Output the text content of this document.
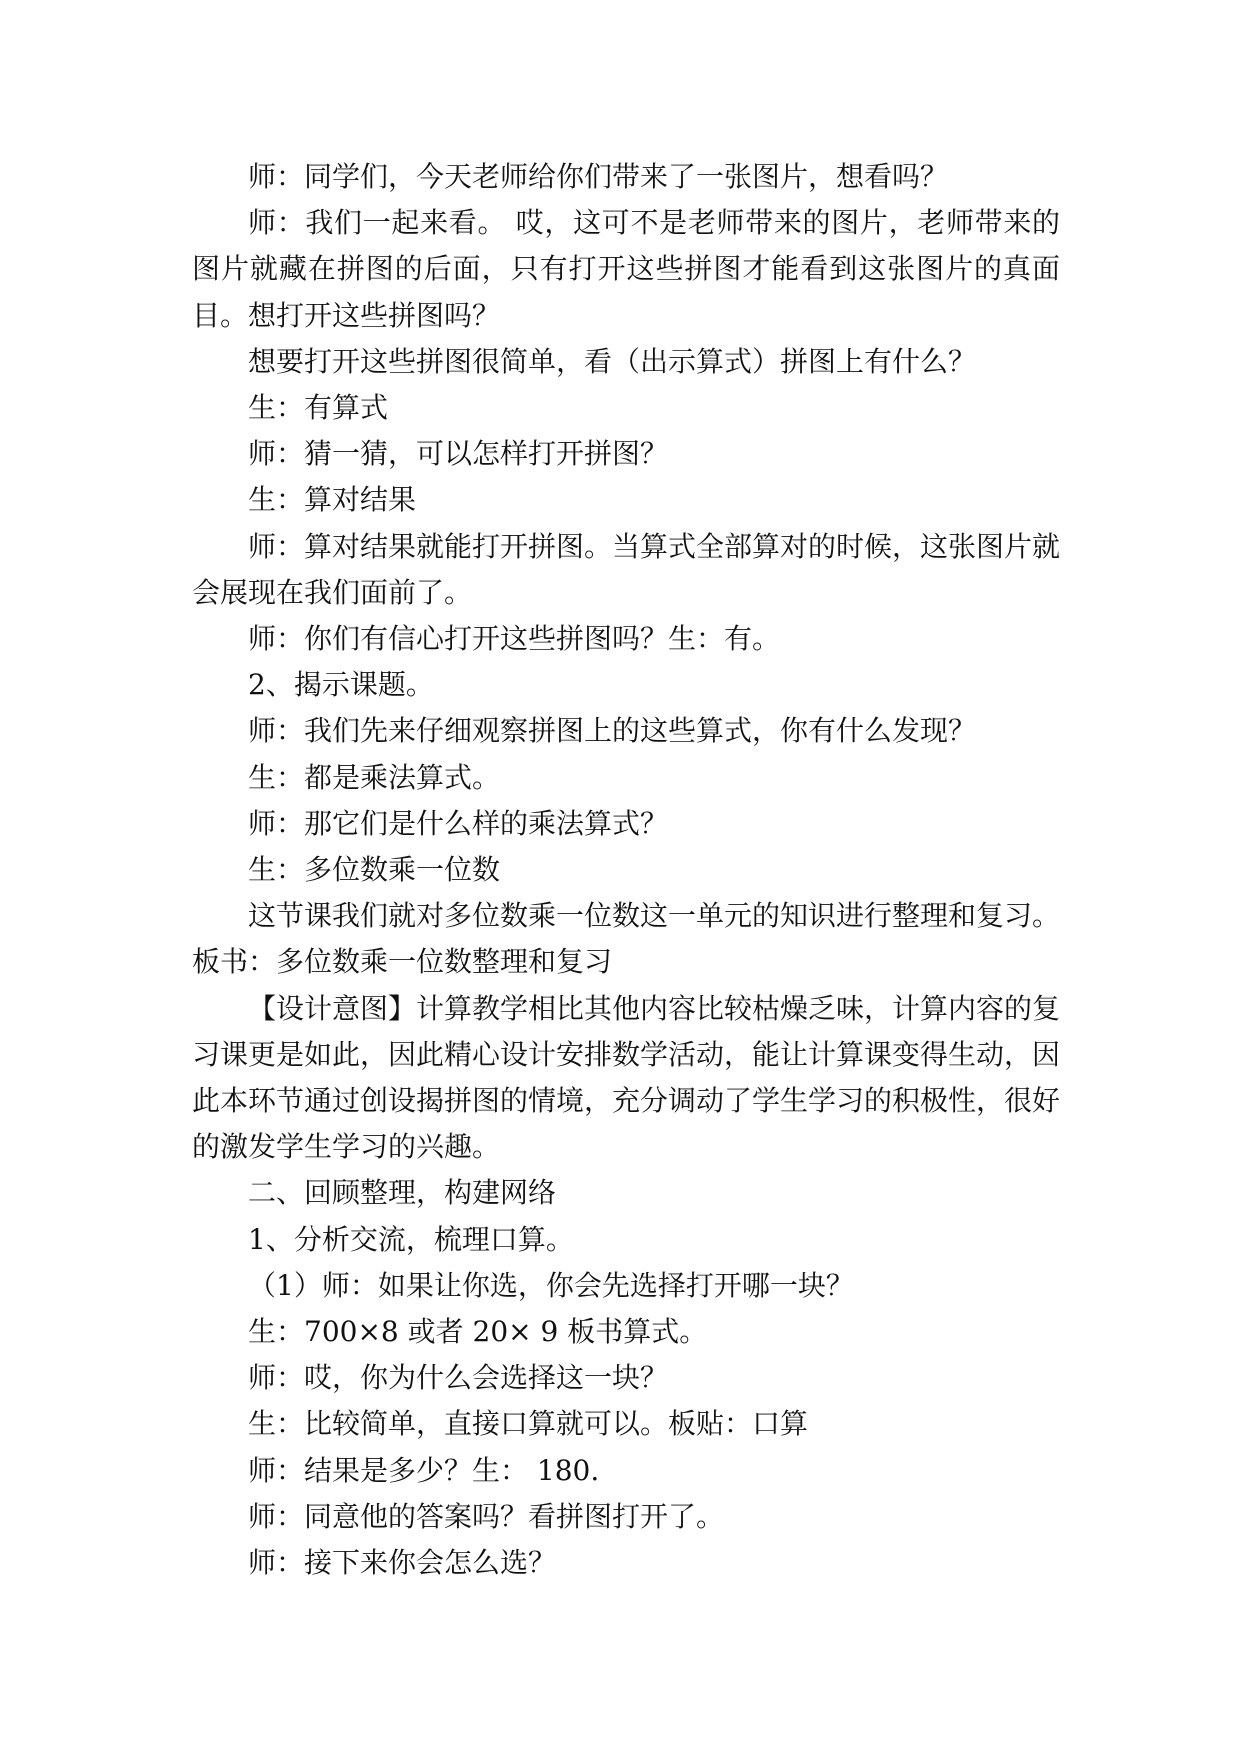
师：同学们，今天老师给你们带来了一张图片，想看吗？

师：我们一起来看。 哎，这可不是老师带来的图片，老师带来的图片就藏在拼图的后面，只有打开这些拼图才能看到这张图片的真面目。想打开这些拼图吗？

想要打开这些拼图很简单，看（出示算式）拼图上有什么？

生：有算式

师：猜一猜，可以怎样打开拼图？

生：算对结果

师：算对结果就能打开拼图。当算式全部算对的时候，这张图片就会展现在我们面前了。

师：你们有信心打开这些拼图吗？生：有。

2、揭示课题。

师：我们先来仔细观察拼图上的这些算式，你有什么发现？

生：都是乘法算式。

师：那它们是什么样的乘法算式？

生：多位数乘一位数

这节课我们就对多位数乘一位数这一单元的知识进行整理和复习。板书：多位数乘一位数整理和复习

【设计意图】计算教学相比其他内容比较枯燥乏味，计算内容的复习课更是如此，因此精心设计安排数学活动，能让计算课变得生动，因此本环节通过创设揭拼图的情境，充分调动了学生学习的积极性，很好的激发学生学习的兴趣。

二、回顾整理，构建网络

1、分析交流，梳理口算。

（1）师：如果让你选，你会先选择打开哪一块？

生：700×8 或者 20× 9 板书算式。

师：哎，你为什么会选择这一块？

生：比较简单，直接口算就可以。板贴：口算

师：结果是多少？生： 180.

师：同意他的答案吗？看拼图打开了。

师：接下来你会怎么选？
